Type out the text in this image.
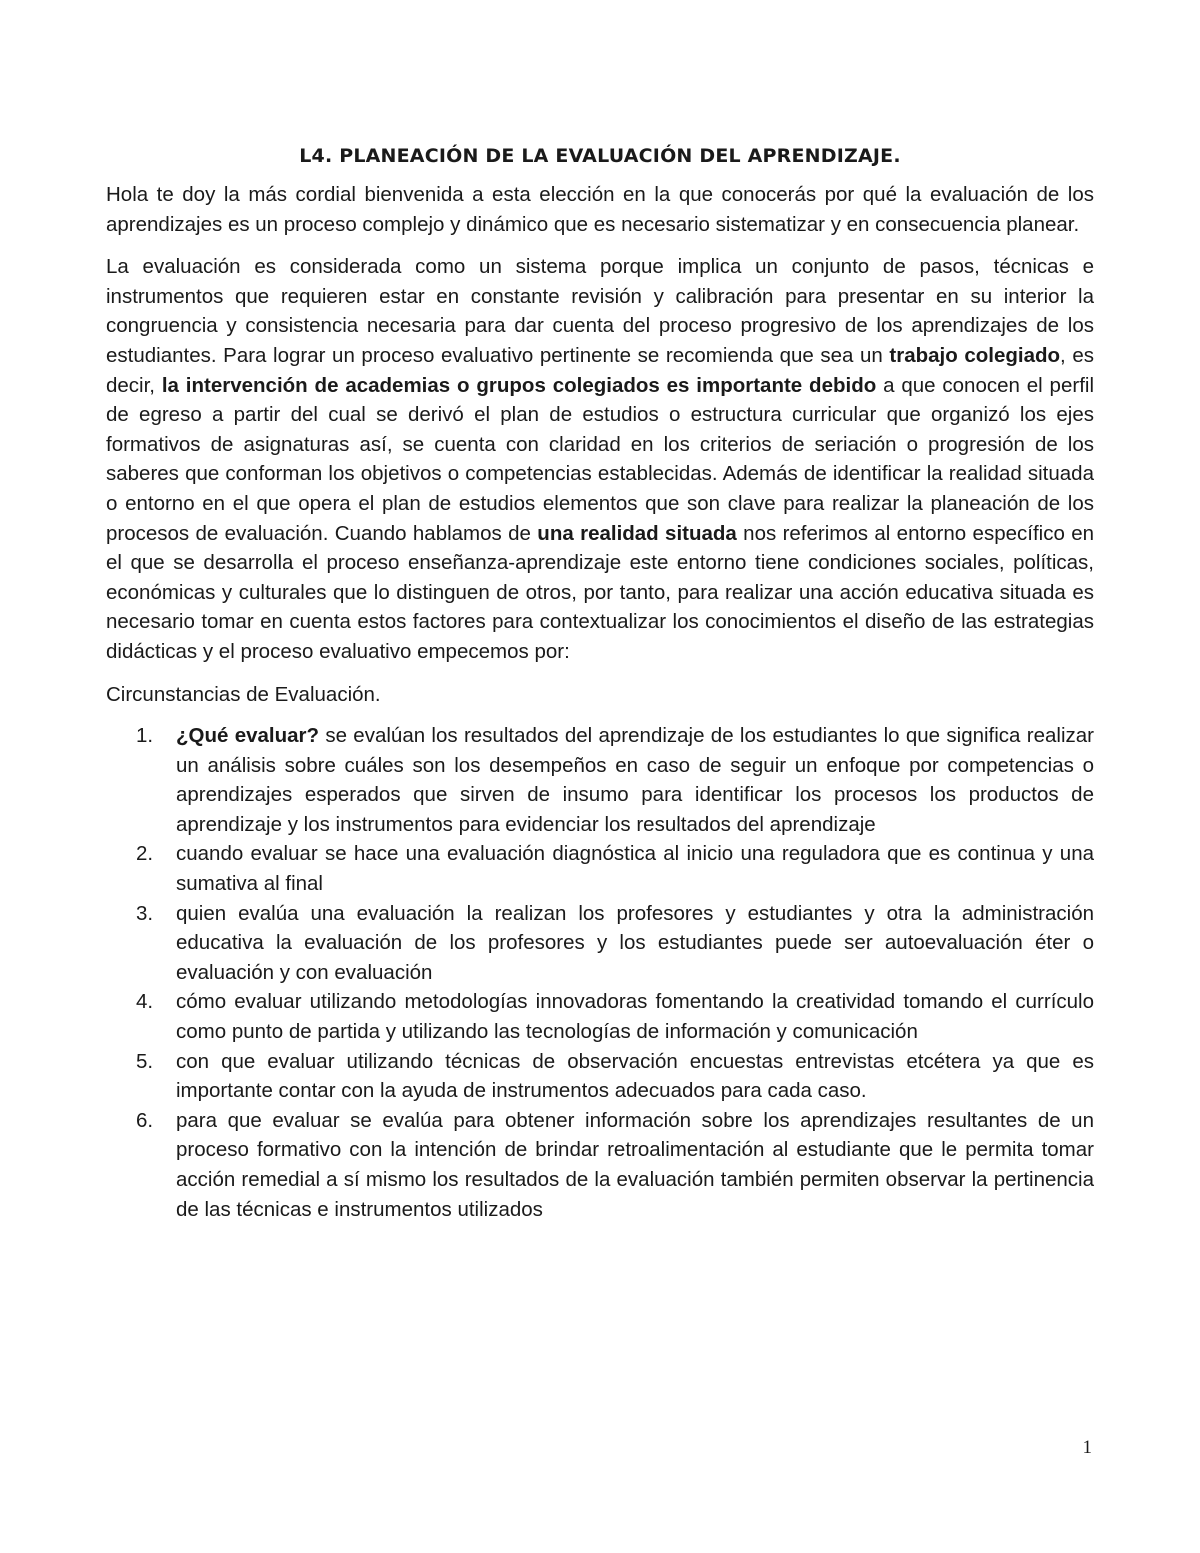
L4. PLANEACIÓN DE LA EVALUACIÓN DEL APRENDIZAJE.

Hola te doy la más cordial bienvenida a esta elección en la que conocerás por qué la evaluación de los aprendizajes es un proceso complejo y dinámico que es necesario sistematizar y en consecuencia planear.

La evaluación es considerada como un sistema porque implica un conjunto de pasos, técnicas e instrumentos que requieren estar en constante revisión y calibración para presentar en su interior la congruencia y consistencia necesaria para dar cuenta del proceso progresivo de los aprendizajes de los estudiantes. Para lograr un proceso evaluativo pertinente se recomienda que sea un trabajo colegiado, es decir, la intervención de academias o grupos colegiados es importante debido a que conocen el perfil de egreso a partir del cual se derivó el plan de estudios o estructura curricular que organizó los ejes formativos de asignaturas así, se cuenta con claridad en los criterios de seriación o progresión de los saberes que conforman los objetivos o competencias establecidas. Además de identificar la realidad situada o entorno en el que opera el plan de estudios elementos que son clave para realizar la planeación de los procesos de evaluación. Cuando hablamos de una realidad situada nos referimos al entorno específico en el que se desarrolla el proceso enseñanza-aprendizaje este entorno tiene condiciones sociales, políticas, económicas y culturales que lo distinguen de otros, por tanto, para realizar una acción educativa situada es necesario tomar en cuenta estos factores para contextualizar los conocimientos el diseño de las estrategias didácticas y el proceso evaluativo empecemos por:

Circunstancias de Evaluación.

1. ¿Qué evaluar? se evalúan los resultados del aprendizaje de los estudiantes lo que significa realizar un análisis sobre cuáles son los desempeños en caso de seguir un enfoque por competencias o aprendizajes esperados que sirven de insumo para identificar los procesos los productos de aprendizaje y los instrumentos para evidenciar los resultados del aprendizaje
2. cuando evaluar se hace una evaluación diagnóstica al inicio una reguladora que es continua y una sumativa al final
3. quien evalúa una evaluación la realizan los profesores y estudiantes y otra la administración educativa la evaluación de los profesores y los estudiantes puede ser autoevaluación éter o evaluación y con evaluación
4. cómo evaluar utilizando metodologías innovadoras fomentando la creatividad tomando el currículo como punto de partida y utilizando las tecnologías de información y comunicación
5. con que evaluar utilizando técnicas de observación encuestas entrevistas etcétera ya que es importante contar con la ayuda de instrumentos adecuados para cada caso.
6. para que evaluar se evalúa para obtener información sobre los aprendizajes resultantes de un proceso formativo con la intención de brindar retroalimentación al estudiante que le permita tomar acción remedial a sí mismo los resultados de la evaluación también permiten observar la pertinencia de las técnicas e instrumentos utilizados

1
